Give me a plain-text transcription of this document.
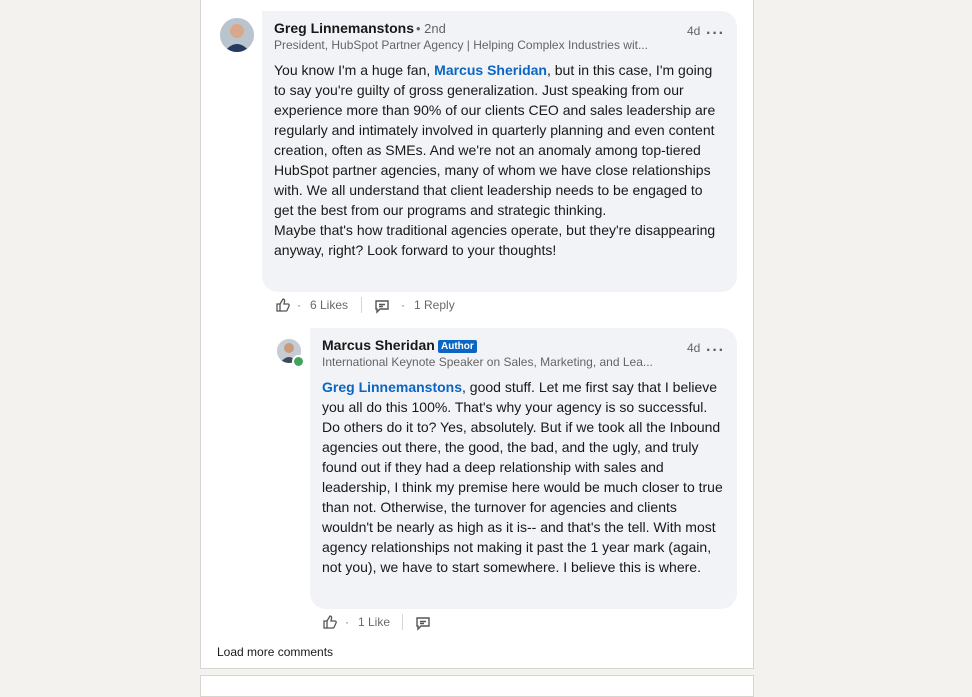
Greg Linnemanstons • 2nd
President, HubSpot Partner Agency | Helping Complex Industries wit...
4d ···
You know I'm a huge fan, Marcus Sheridan, but in this case, I'm going to say you're guilty of gross generalization. Just speaking from our experience more than 90% of our clients CEO and sales leadership are regularly and intimately involved in quarterly planning and even content creation, often as SMEs. And we're not an anomaly among top-tiered HubSpot partner agencies, many of whom we have close relationships with. We all understand that client leadership needs to be engaged to get the best from our programs and strategic thinking.
Maybe that's how traditional agencies operate, but they're disappearing anyway, right? Look forward to your thoughts!
· 6 Likes	· 1 Reply
Marcus Sheridan Author
International Keynote Speaker on Sales, Marketing, and Lea...
4d ···
Greg Linnemanstons, good stuff. Let me first say that I believe you all do this 100%. That's why your agency is so successful. Do others do it to? Yes, absolutely. But if we took all the Inbound agencies out there, the good, the bad, and the ugly, and truly found out if they had a deep relationship with sales and leadership, I think my premise here would be much closer to true than not. Otherwise, the turnover for agencies and clients wouldn't be nearly as high as it is-- and that's the tell. With most agency relationships not making it past the 1 year mark (again, not you), we have to start somewhere. I believe this is where.
· 1 Like
Load more comments
